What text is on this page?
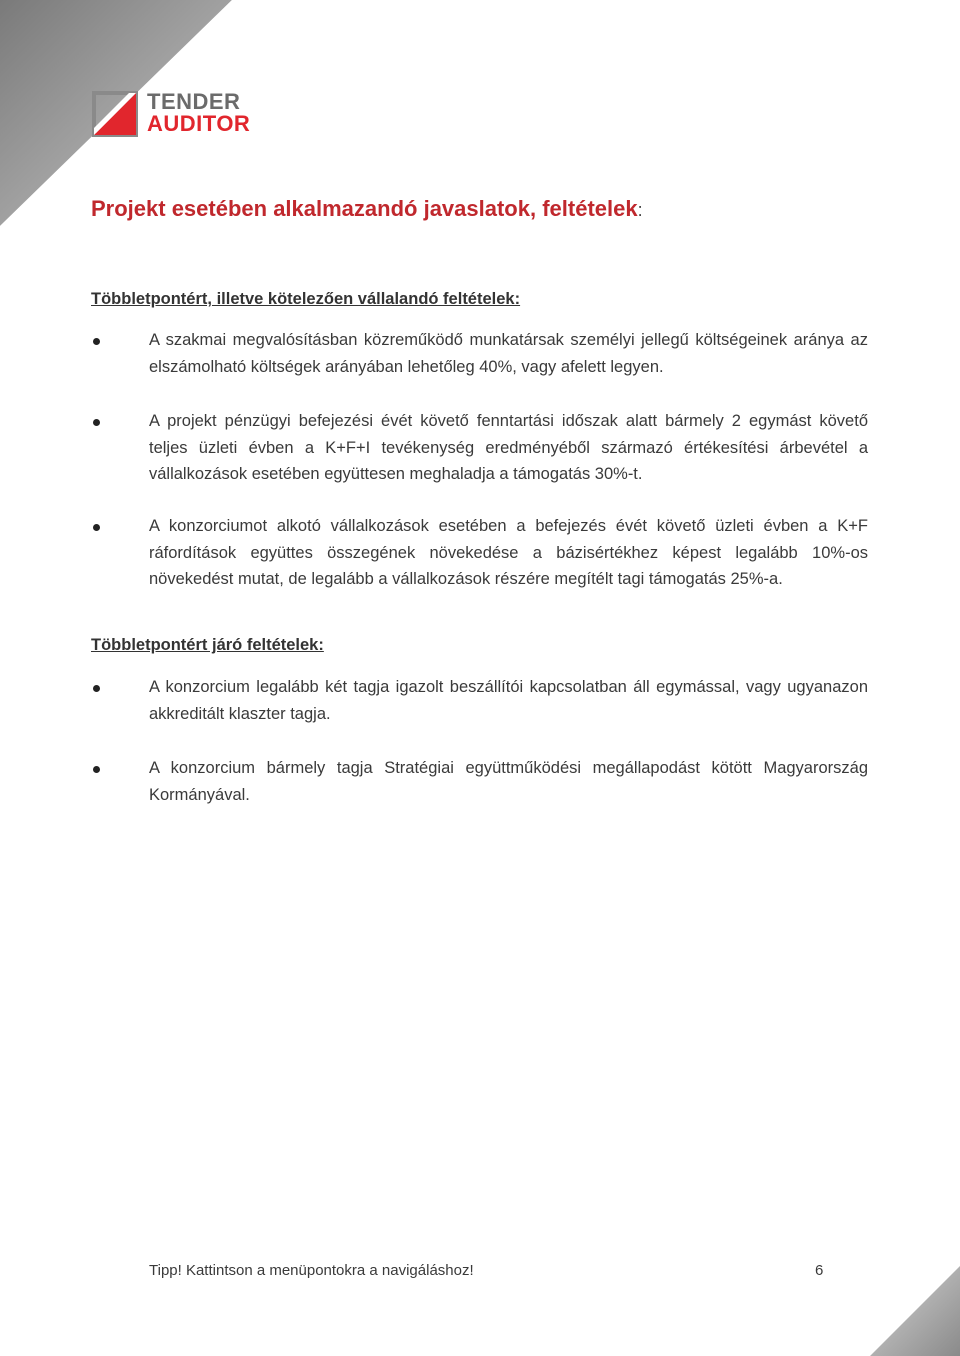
TENDER
AUDITOR
Projekt esetében alkalmazandó javaslatok, feltételek:
Többletpontért, illetve kötelezően vállalandó feltételek:
A szakmai megvalósításban közreműködő munkatársak személyi jellegű költségeinek aránya az elszámolható költségek arányában lehetőleg 40%, vagy afelett legyen.
A projekt pénzügyi befejezési évét követő fenntartási időszak alatt bármely 2 egymást követő teljes üzleti évben a K+F+I tevékenység eredményéből származó értékesítési árbevétel a vállalkozások esetében együttesen meghaladja a támogatás 30%-t.
A konzorciumot alkotó vállalkozások esetében a befejezés évét követő üzleti évben a K+F ráfordítások együttes összegének növekedése a bázisértékhez képest legalább 10%-os növekedést mutat, de legalább a vállalkozások részére megítélt tagi támogatás 25%-a.
Többletpontért járó feltételek:
A konzorcium legalább két tagja igazolt beszállítói kapcsolatban áll egymással, vagy ugyanazon akkreditált klaszter tagja.
A konzorcium bármely tagja Stratégiai együttműködési megállapodást kötött Magyarország Kormányával.
Tipp! Kattintson a menüpontokra a navigáláshoz!	6
